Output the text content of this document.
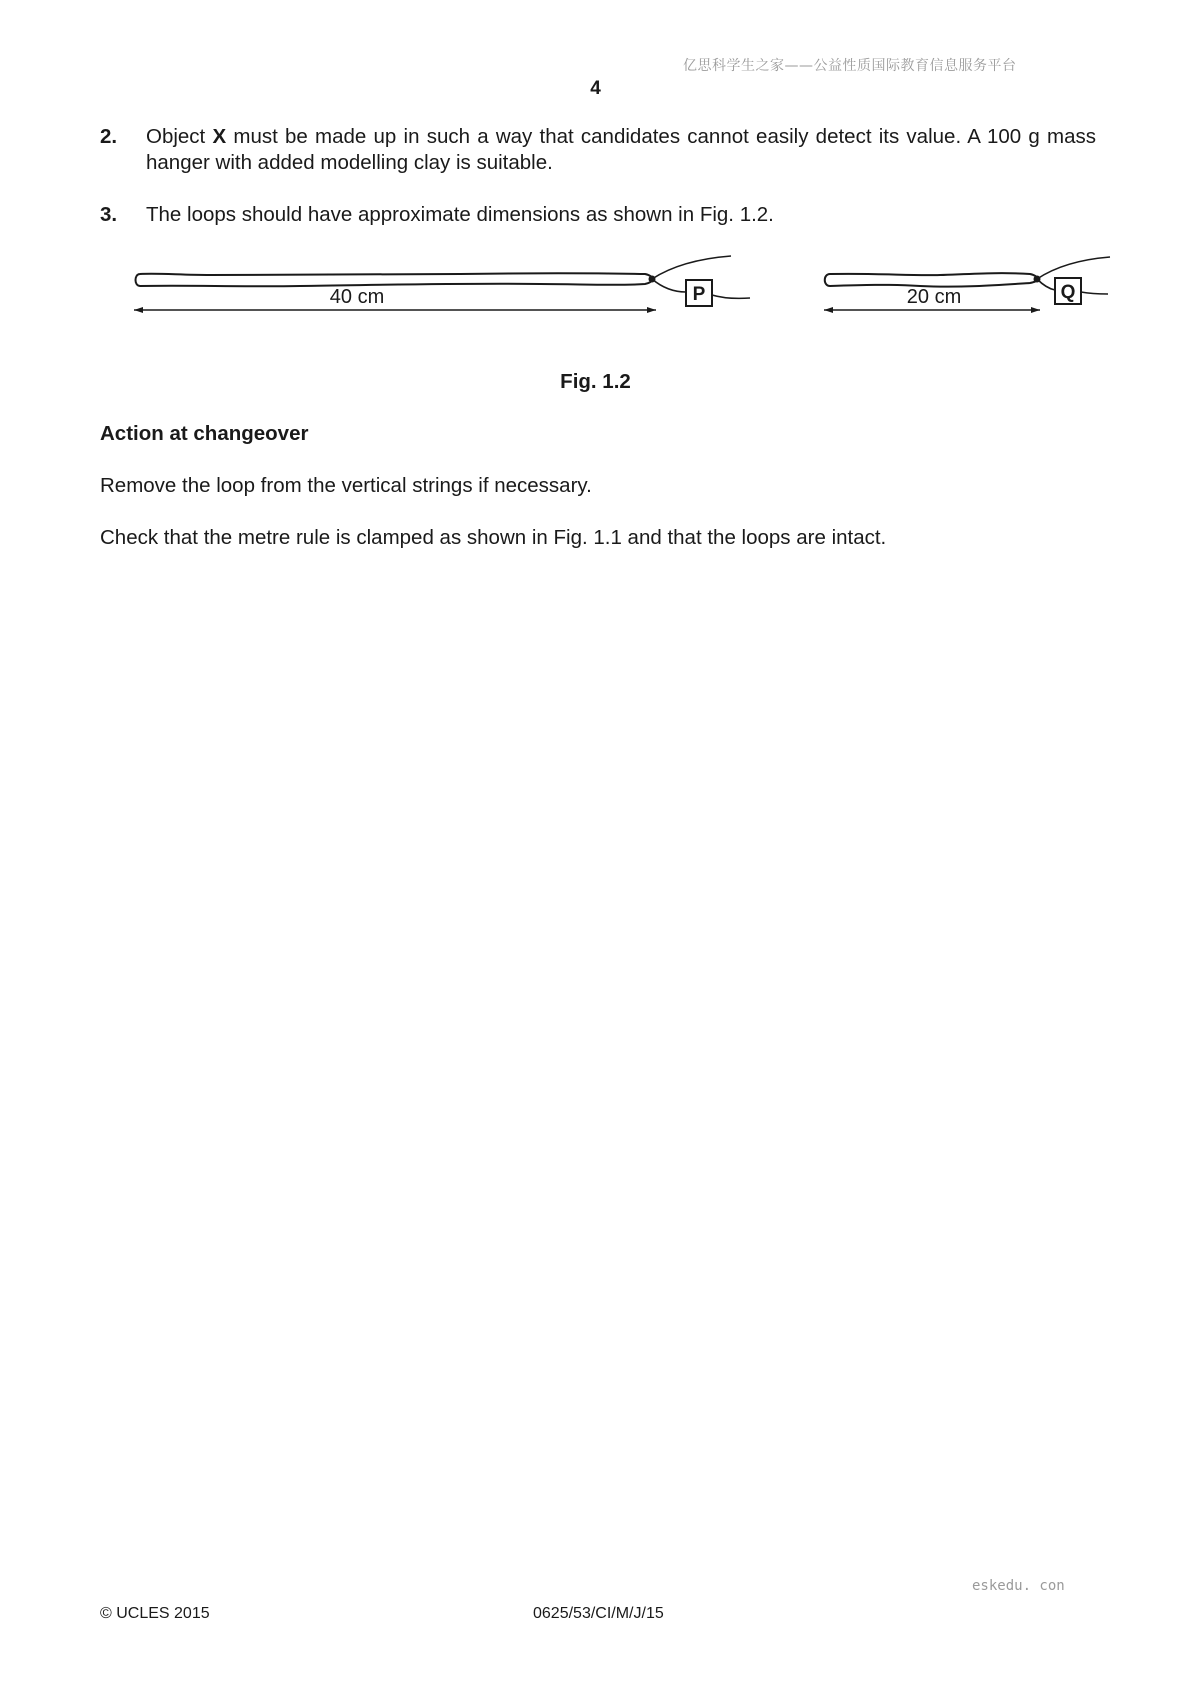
亿思科学生之家——公益性质国际教育信息服务平台
4
2. Object X must be made up in such a way that candidates cannot easily detect its value. A 100 g mass hanger with added modelling clay is suitable.
3. The loops should have approximate dimensions as shown in Fig. 1.2.
P
40 cm	Q
20 cm
Fig. 1.2
Action at changeover
Remove the loop from the vertical strings if necessary.
Check that the metre rule is clamped as shown in Fig. 1.1 and that the loops are intact.
eskedu. con
© UCLES 2015	0625/53/CI/M/J/15
